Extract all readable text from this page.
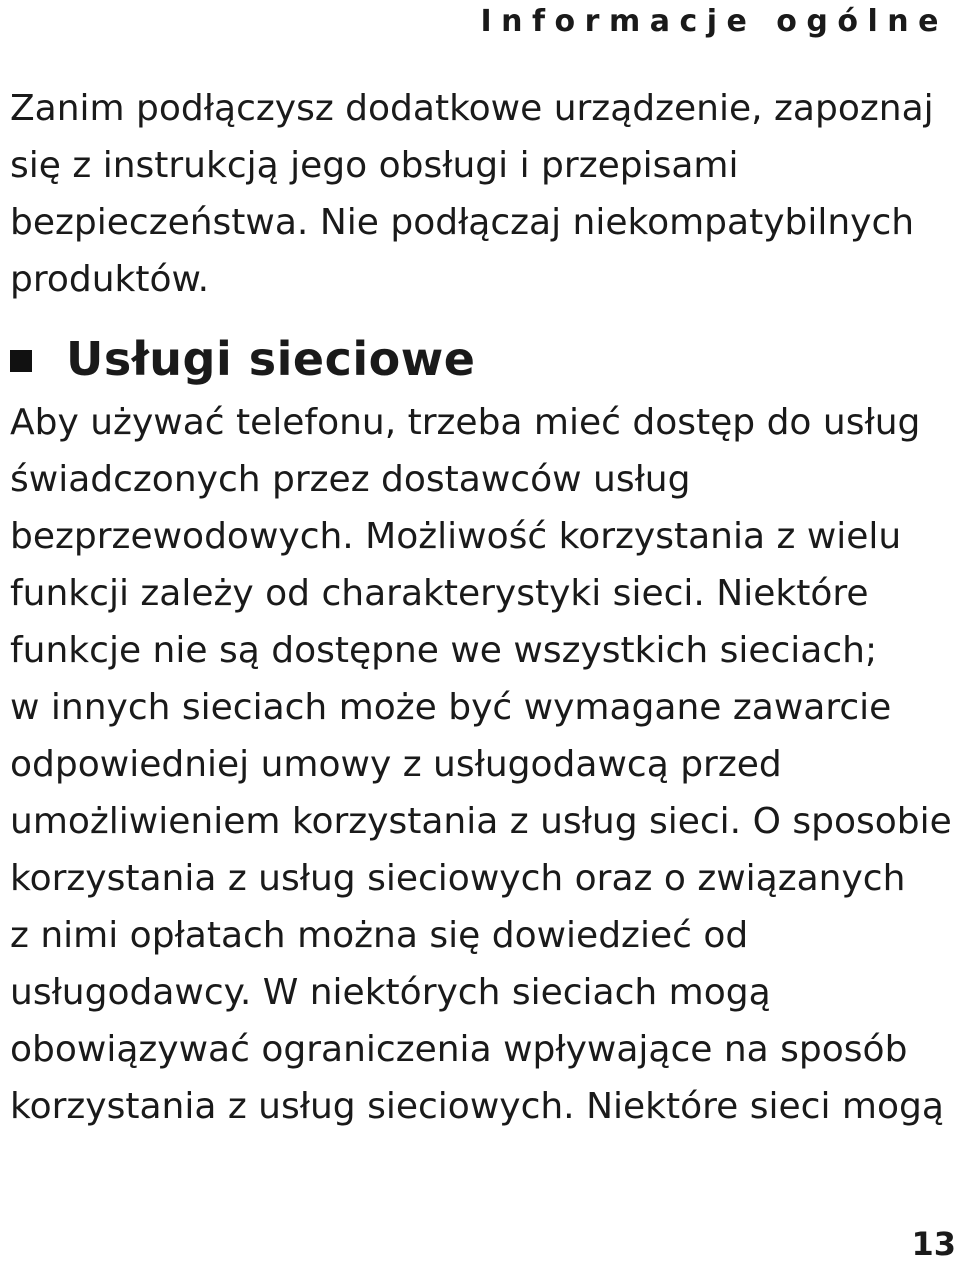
Informacje ogólne

Zanim podłączysz dodatkowe urządzenie, zapoznaj
się z instrukcją jego obsługi i przepisami
bezpieczeństwa. Nie podłączaj niekompatybilnych
produktów.

Usługi sieciowe

Aby używać telefonu, trzeba mieć dostęp do usług
świadczonych przez dostawców usług
bezprzewodowych. Możliwość korzystania z wielu
funkcji zależy od charakterystyki sieci. Niektóre
funkcje nie są dostępne we wszystkich sieciach;
w innych sieciach może być wymagane zawarcie
odpowiedniej umowy z usługodawcą przed
umożliwieniem korzystania z usług sieci. O sposobie
korzystania z usług sieciowych oraz o związanych
z nimi opłatach można się dowiedzieć od
usługodawcy. W niektórych sieciach mogą
obowiązywać ograniczenia wpływające na sposób
korzystania z usług sieciowych. Niektóre sieci mogą

13
